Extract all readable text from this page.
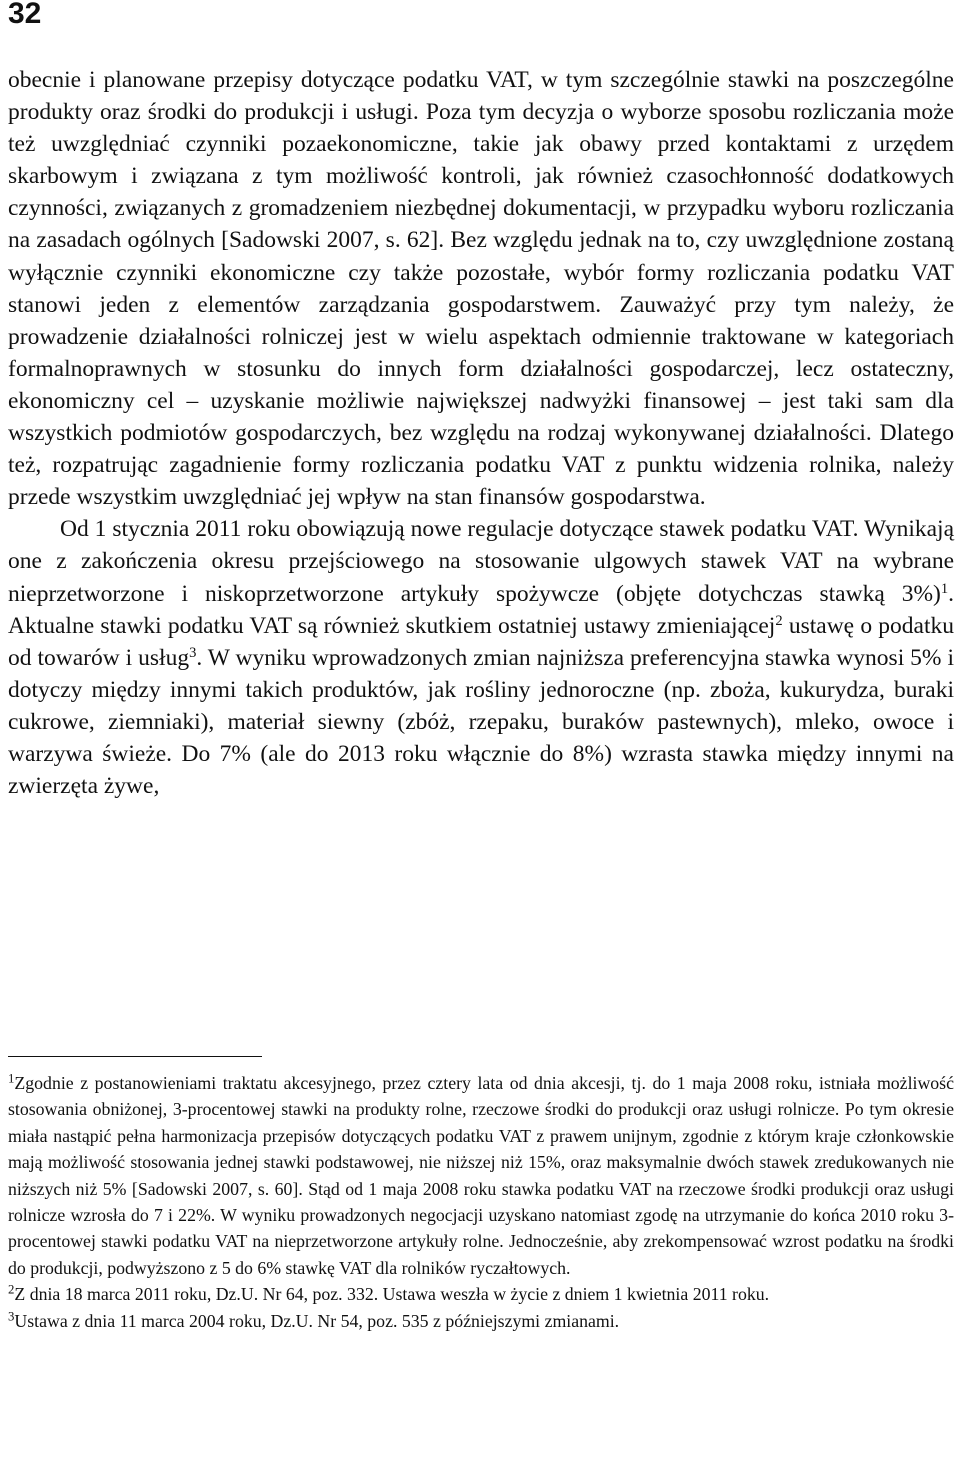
32

obecnie i planowane przepisy dotyczące podatku VAT, w tym szczególnie stawki na poszczególne produkty oraz środki do produkcji i usługi. Poza tym decyzja o wyborze sposobu rozliczania może też uwzględniać czynniki pozaekonomiczne, takie jak obawy przed kontaktami z urzędem skarbowym i związana z tym możliwość kontroli, jak również czasochłonność dodatkowych czynności, związanych z gromadzeniem niezbędnej dokumentacji, w przypadku wyboru rozliczania na zasadach ogólnych [Sadowski 2007, s. 62]. Bez względu jednak na to, czy uwzględnione zostaną wyłącznie czynniki ekonomiczne czy także pozostałe, wybór formy rozliczania podatku VAT stanowi jeden z elementów zarządzania gospodarstwem. Zauważyć przy tym należy, że prowadzenie działalności rolniczej jest w wielu aspektach odmiennie traktowane w kategoriach formalnoprawnych w stosunku do innych form działalności gospodarczej, lecz ostateczny, ekonomiczny cel – uzyskanie możliwie największej nadwyżki finansowej – jest taki sam dla wszystkich podmiotów gospodarczych, bez względu na rodzaj wykonywanej działalności. Dlatego też, rozpatrując zagadnienie formy rozliczania podatku VAT z punktu widzenia rolnika, należy przede wszystkim uwzględniać jej wpływ na stan finansów gospodarstwa.

Od 1 stycznia 2011 roku obowiązują nowe regulacje dotyczące stawek podatku VAT. Wynikają one z zakończenia okresu przejściowego na stosowanie ulgowych stawek VAT na wybrane nieprzetworzone i niskoprzetworzone artykuły spożywcze (objęte dotychczas stawką 3%)$^1$. Aktualne stawki podatku VAT są również skutkiem ostatniej ustawy zmieniającej$^2$ ustawę o podatku od towarów i usług$^3$. W wyniku wprowadzonych zmian najniższa preferencyjna stawka wynosi 5% i dotyczy między innymi takich produktów, jak rośliny jednoroczne (np. zboża, kukurydza, buraki cukrowe, ziemniaki), materiał siewny (zbóż, rzepaku, buraków pastewnych), mleko, owoce i warzywa świeże. Do 7% (ale do 2013 roku włącznie do 8%) wzrasta stawka między innymi na zwierzęta żywe,

$^1$Zgodnie z postanowieniami traktatu akcesyjnego, przez cztery lata od dnia akcesji, tj. do 1 maja 2008 roku, istniała możliwość stosowania obniżonej, 3-procentowej stawki na produkty rolne, rzeczowe środki do produkcji oraz usługi rolnicze. Po tym okresie miała nastąpić pełna harmonizacja przepisów dotyczących podatku VAT z prawem unijnym, zgodnie z którym kraje członkowskie mają możliwość stosowania jednej stawki podstawowej, nie niższej niż 15%, oraz maksymalnie dwóch stawek zredukowanych nie niższych niż 5% [Sadowski 2007, s. 60]. Stąd od 1 maja 2008 roku stawka podatku VAT na rzeczowe środki produkcji oraz usługi rolnicze wzrosła do 7 i 22%. W wyniku prowadzonych negocjacji uzyskano natomiast zgodę na utrzymanie do końca 2010 roku 3-procentowej stawki podatku VAT na nieprzetworzone artykuły rolne. Jednocześnie, aby zrekompensować wzrost podatku na środki do produkcji, podwyższono z 5 do 6% stawkę VAT dla rolników ryczałtowych.

$^2$Z dnia 18 marca 2011 roku, Dz.U. Nr 64, poz. 332. Ustawa weszła w życie z dniem 1 kwietnia 2011 roku.

$^3$Ustawa z dnia 11 marca 2004 roku, Dz.U. Nr 54, poz. 535 z późniejszymi zmianami.
